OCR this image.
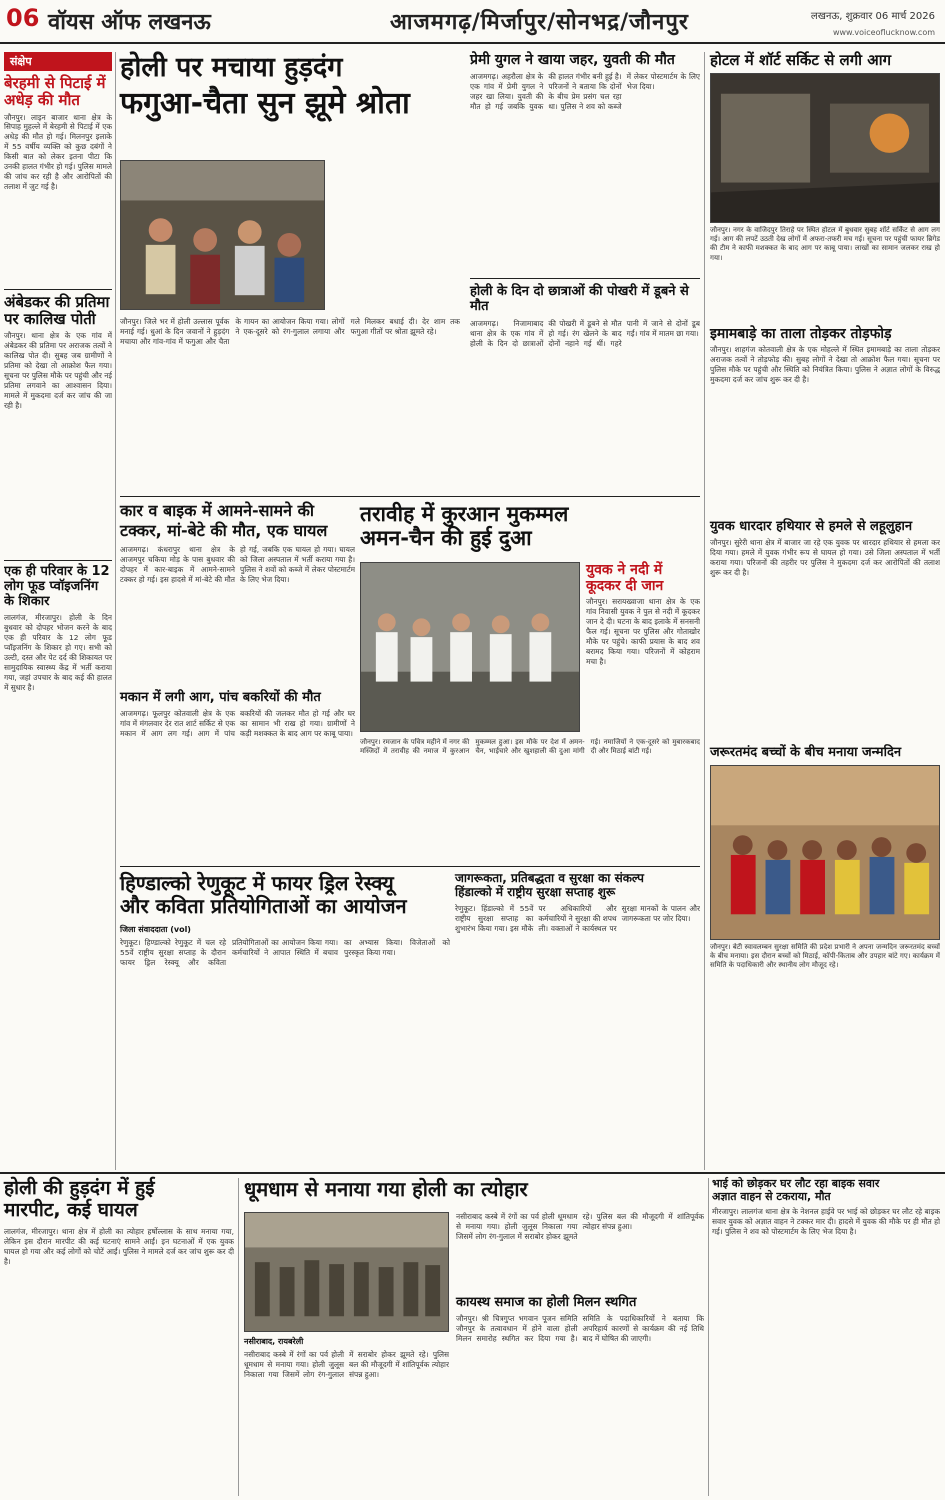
06 वॉयस ऑफ लखनऊ	आजमगढ़/मिर्जापुर/सोनभद्र/जौनपुर	लखनऊ, शुक्रवार 06 मार्च 2026
www.voiceoflucknow.com
संक्षेप
बेरहमी से पिटाई में अधेड़ की मौत
जौनपुर। लाइन बाजार थाना क्षेत्र के सिपाह मुहल्ले में बेरहमी से पिटाई में एक अधेड़ की मौत हो गई। मिलनपुर इलाके में 55 वर्षीय व्यक्ति को कुछ दबंगों ने किसी बात को लेकर इतना पीटा कि उनकी हालत गंभीर हो गई। पुलिस मामले की जांच कर रही है और आरोपितों की तलाश में जुट गई है।
अंबेडकर की प्रतिमा पर कालिख पोती
जौनपुर। थाना क्षेत्र के एक गांव में अंबेडकर की प्रतिमा पर अराजक तत्वों ने कालिख पोत दी। सुबह जब ग्रामीणों ने प्रतिमा को देखा तो आक्रोश फैल गया। सूचना पर पुलिस मौके पर पहुंची और नई प्रतिमा लगवाने का आश्वासन दिया। मामले में मुकदमा दर्ज कर जांच की जा रही है।
एक ही परिवार के 12 लोग फूड प्वॉइजनिंग के शिकार
लालगंज, मीरजापुर। होली के दिन बुधवार को दोपहर भोजन करने के बाद एक ही परिवार के 12 लोग फूड प्वॉइजनिंग के शिकार हो गए। सभी को उल्टी, दस्त और पेट दर्द की शिकायत पर सामुदायिक स्वास्थ्य केंद्र में भर्ती कराया गया, जहां उपचार के बाद कई की हालत में सुधार है।
होली पर मचाया हुड़दंग
फगुआ-चैता सुन झूमे श्रोता
जौनपुर। जिले भर में होली उल्लास पूर्वक मनाई गई। धुआं के दिन जवानों ने हुड़दंग मचाया और गांव-गांव में फगुआ और चैता के गायन का आयोजन किया गया। लोगों ने एक-दूसरे को रंग-गुलाल लगाया और गले मिलकर बधाई दी। देर शाम तक फगुआ गीतों पर श्रोता झूमते रहे।
प्रेमी युगल ने खाया जहर, युवती की मौत
आजमगढ़। अहरौला क्षेत्र के एक गांव में प्रेमी युगल ने जहर खा लिया। युवती की मौत हो गई जबकि युवक की हालत गंभीर बनी हुई है। परिजनों ने बताया कि दोनों के बीच प्रेम प्रसंग चल रहा था। पुलिस ने शव को कब्जे में लेकर पोस्टमार्टम के लिए भेज दिया।
होली के दिन दो छात्राओं की पोखरी में डूबने से मौत
आजमगढ़। निजामाबाद थाना क्षेत्र के एक गांव में होली के दिन दो छात्राओं की पोखरी में डूबने से मौत हो गई। रंग खेलने के बाद दोनों नहाने गई थीं। गहरे पानी में जाने से दोनों डूब गईं। गांव में मातम छा गया।
होटल में शॉर्ट सर्किट से लगी आग
जौनपुर। नगर के वाजिदपुर तिराहे पर स्थित होटल में बुधवार सुबह शॉर्ट सर्किट से आग लग गई। आग की लपटें उठती देख लोगों में अफरा-तफरी मच गई। सूचना पर पहुंची फायर ब्रिगेड की टीम ने काफी मशक्कत के बाद आग पर काबू पाया। लाखों का सामान जलकर राख हो गया।
इमामबाड़े का ताला तोड़कर तोड़फोड़
जौनपुर। शाहगंज कोतवाली क्षेत्र के एक मोहल्ले में स्थित इमामबाड़े का ताला तोड़कर अराजक तत्वों ने तोड़फोड़ की। सुबह लोगों ने देखा तो आक्रोश फैल गया। सूचना पर पुलिस मौके पर पहुंची और स्थिति को नियंत्रित किया। पुलिस ने अज्ञात लोगों के विरुद्ध मुकदमा दर्ज कर जांच शुरू कर दी है।
युवक धारदार हथियार से हमले से लहूलुहान
जौनपुर। सुरेरी थाना क्षेत्र में बाजार जा रहे एक युवक पर धारदार हथियार से हमला कर दिया गया। हमले में युवक गंभीर रूप से घायल हो गया। उसे जिला अस्पताल में भर्ती कराया गया। परिजनों की तहरीर पर पुलिस ने मुकदमा दर्ज कर आरोपितों की तलाश शुरू कर दी है।
कार व बाइक में आमने-सामने की
टक्कर, मां-बेटे की मौत, एक घायल
आजमगढ़। कंधरापुर थाना क्षेत्र के आजमपुर चकिया मोड़ के पास बुधवार की दोपहर में कार-बाइक में आमने-सामने टक्कर हो गई। इस हादसे में मां-बेटे की मौत हो गई, जबकि एक घायल हो गया। घायल को जिला अस्पताल में भर्ती कराया गया है। पुलिस ने शवों को कब्जे में लेकर पोस्टमार्टम के लिए भेज दिया।
मकान में लगी आग, पांच बकरियों की मौत
आजमगढ़। फूलपुर कोतवाली क्षेत्र के एक गांव में मंगलवार देर रात शार्ट सर्किट से एक मकान में आग लग गई। आग में पांच बकरियों की जलकर मौत हो गई और घर का सामान भी राख हो गया। ग्रामीणों ने कड़ी मशक्कत के बाद आग पर काबू पाया।
तरावीह में कुरआन मुकम्मल
अमन-चैन की हुई दुआ
युवक ने नदी में
कूदकर दी जान
जौनपुर। सरायख्वाजा थाना क्षेत्र के एक गांव निवासी युवक ने पुल से नदी में कूदकर जान दे दी। घटना के बाद इलाके में सनसनी फैल गई। सूचना पर पुलिस और गोताखोर मौके पर पहुंचे। काफी प्रयास के बाद शव बरामद किया गया। परिजनों में कोहराम मचा है।
जौनपुर। रमजान के पवित्र महीने में नगर की मस्जिदों में तरावीह की नमाज में कुरआन मुकम्मल हुआ। इस मौके पर देश में अमन-चैन, भाईचारे और खुशहाली की दुआ मांगी गई। नमाजियों ने एक-दूसरे को मुबारकबाद दी और मिठाई बांटी गई।	जरूरतमंद बच्चों के बीच मनाया जन्मदिन
जौनपुर। बेटी स्वावलम्बन सुरक्षा समिति की प्रदेश प्रभारी ने अपना जन्मदिन जरूरतमंद बच्चों के बीच मनाया। इस दौरान बच्चों को मिठाई, कॉपी-किताब और उपहार बांटे गए। कार्यक्रम में समिति के पदाधिकारी और स्थानीय लोग मौजूद रहे।
हिण्डाल्को रेणुकूट में फायर ड्रिल रेस्क्यू
और कविता प्रतियोगिताओं का आयोजन
जिला संवाददाता (vol)
रेणुकूट। हिण्डाल्को रेणुकूट में चल रहे 55वें राष्ट्रीय सुरक्षा सप्ताह के दौरान फायर ड्रिल रेस्क्यू और कविता प्रतियोगिताओं का आयोजन किया गया। कर्मचारियों ने आपात स्थिति में बचाव का अभ्यास किया। विजेताओं को पुरस्कृत किया गया।
जागरूकता, प्रतिबद्धता व सुरक्षा का संकल्प
हिंडाल्को में राष्ट्रीय सुरक्षा सप्ताह शुरू
रेणुकूट। हिंडाल्को में 55वें राष्ट्रीय सुरक्षा सप्ताह का शुभारंभ किया गया। इस मौके पर अधिकारियों और कर्मचारियों ने सुरक्षा की शपथ ली। वक्ताओं ने कार्यस्थल पर सुरक्षा मानकों के पालन और जागरूकता पर जोर दिया।
होली की हुड़दंग में हुई
मारपीट, कई घायल
लालगंज, मीरजापुर। थाना क्षेत्र में होली का त्योहार हर्षोल्लास के साथ मनाया गया, लेकिन इस दौरान मारपीट की कई घटनाएं सामने आईं। इन घटनाओं में एक युवक घायल हो गया और कई लोगों को चोटें आईं। पुलिस ने मामले दर्ज कर जांच शुरू कर दी है।
धूमधाम से मनाया गया होली का त्योहार
नसीराबाद, रायबरेली
नसीराबाद कस्बे में रंगों का पर्व होली धूमधाम से मनाया गया। होली जुलूस निकाला गया जिसमें लोग रंग-गुलाल में सराबोर होकर झूमते रहे। पुलिस बल की मौजूदगी में शांतिपूर्वक त्योहार संपन्न हुआ।
नसीराबाद कस्बे में रंगों का पर्व होली धूमधाम से मनाया गया। होली जुलूस निकाला गया जिसमें लोग रंग-गुलाल में सराबोर होकर झूमते रहे। पुलिस बल की मौजूदगी में शांतिपूर्वक त्योहार संपन्न हुआ।
कायस्थ समाज का होली मिलन स्थगित
जौनपुर। श्री चित्रगुप्त भगवान पूजन समिति जौनपुर के तत्वावधान में होने वाला होली मिलन समारोह स्थगित कर दिया गया है। समिति के पदाधिकारियों ने बताया कि अपरिहार्य कारणों से कार्यक्रम की नई तिथि बाद में घोषित की जाएगी।
भाई को छोड़कर घर लौट रहा बाइक सवार
अज्ञात वाहन से टकराया, मौत
मीरजापुर। लालगंज थाना क्षेत्र के नेशनल हाईवे पर भाई को छोड़कर घर लौट रहे बाइक सवार युवक को अज्ञात वाहन ने टक्कर मार दी। हादसे में युवक की मौके पर ही मौत हो गई। पुलिस ने शव को पोस्टमार्टम के लिए भेज दिया है।
